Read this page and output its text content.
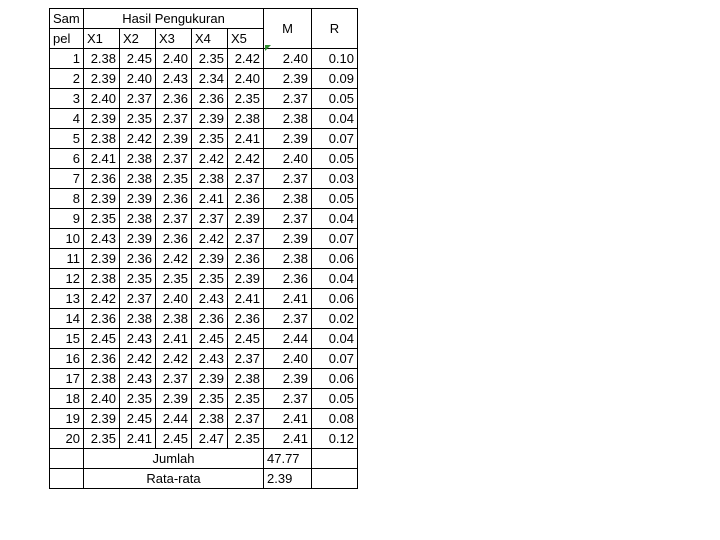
Sam	Hasil Pengukuran					M	R
pel	X1	X2	X3	X4	X5		
1	2.38	2.45	2.40	2.35	2.42	2.40	0.10
2	2.39	2.40	2.43	2.34	2.40	2.39	0.09
3	2.40	2.37	2.36	2.36	2.35	2.37	0.05
4	2.39	2.35	2.37	2.39	2.38	2.38	0.04
5	2.38	2.42	2.39	2.35	2.41	2.39	0.07
6	2.41	2.38	2.37	2.42	2.42	2.40	0.05
7	2.36	2.38	2.35	2.38	2.37	2.37	0.03
8	2.39	2.39	2.36	2.41	2.36	2.38	0.05
9	2.35	2.38	2.37	2.37	2.39	2.37	0.04
10	2.43	2.39	2.36	2.42	2.37	2.39	0.07
11	2.39	2.36	2.42	2.39	2.36	2.38	0.06
12	2.38	2.35	2.35	2.35	2.39	2.36	0.04
13	2.42	2.37	2.40	2.43	2.41	2.41	0.06
14	2.36	2.38	2.38	2.36	2.36	2.37	0.02
15	2.45	2.43	2.41	2.45	2.45	2.44	0.04
16	2.36	2.42	2.42	2.43	2.37	2.40	0.07
17	2.38	2.43	2.37	2.39	2.38	2.39	0.06
18	2.40	2.35	2.39	2.35	2.35	2.37	0.05
19	2.39	2.45	2.44	2.38	2.37	2.41	0.08
20	2.35	2.41	2.45	2.47	2.35	2.41	0.12
	Jumlah					47.77	
	Rata-rata					2.39	
